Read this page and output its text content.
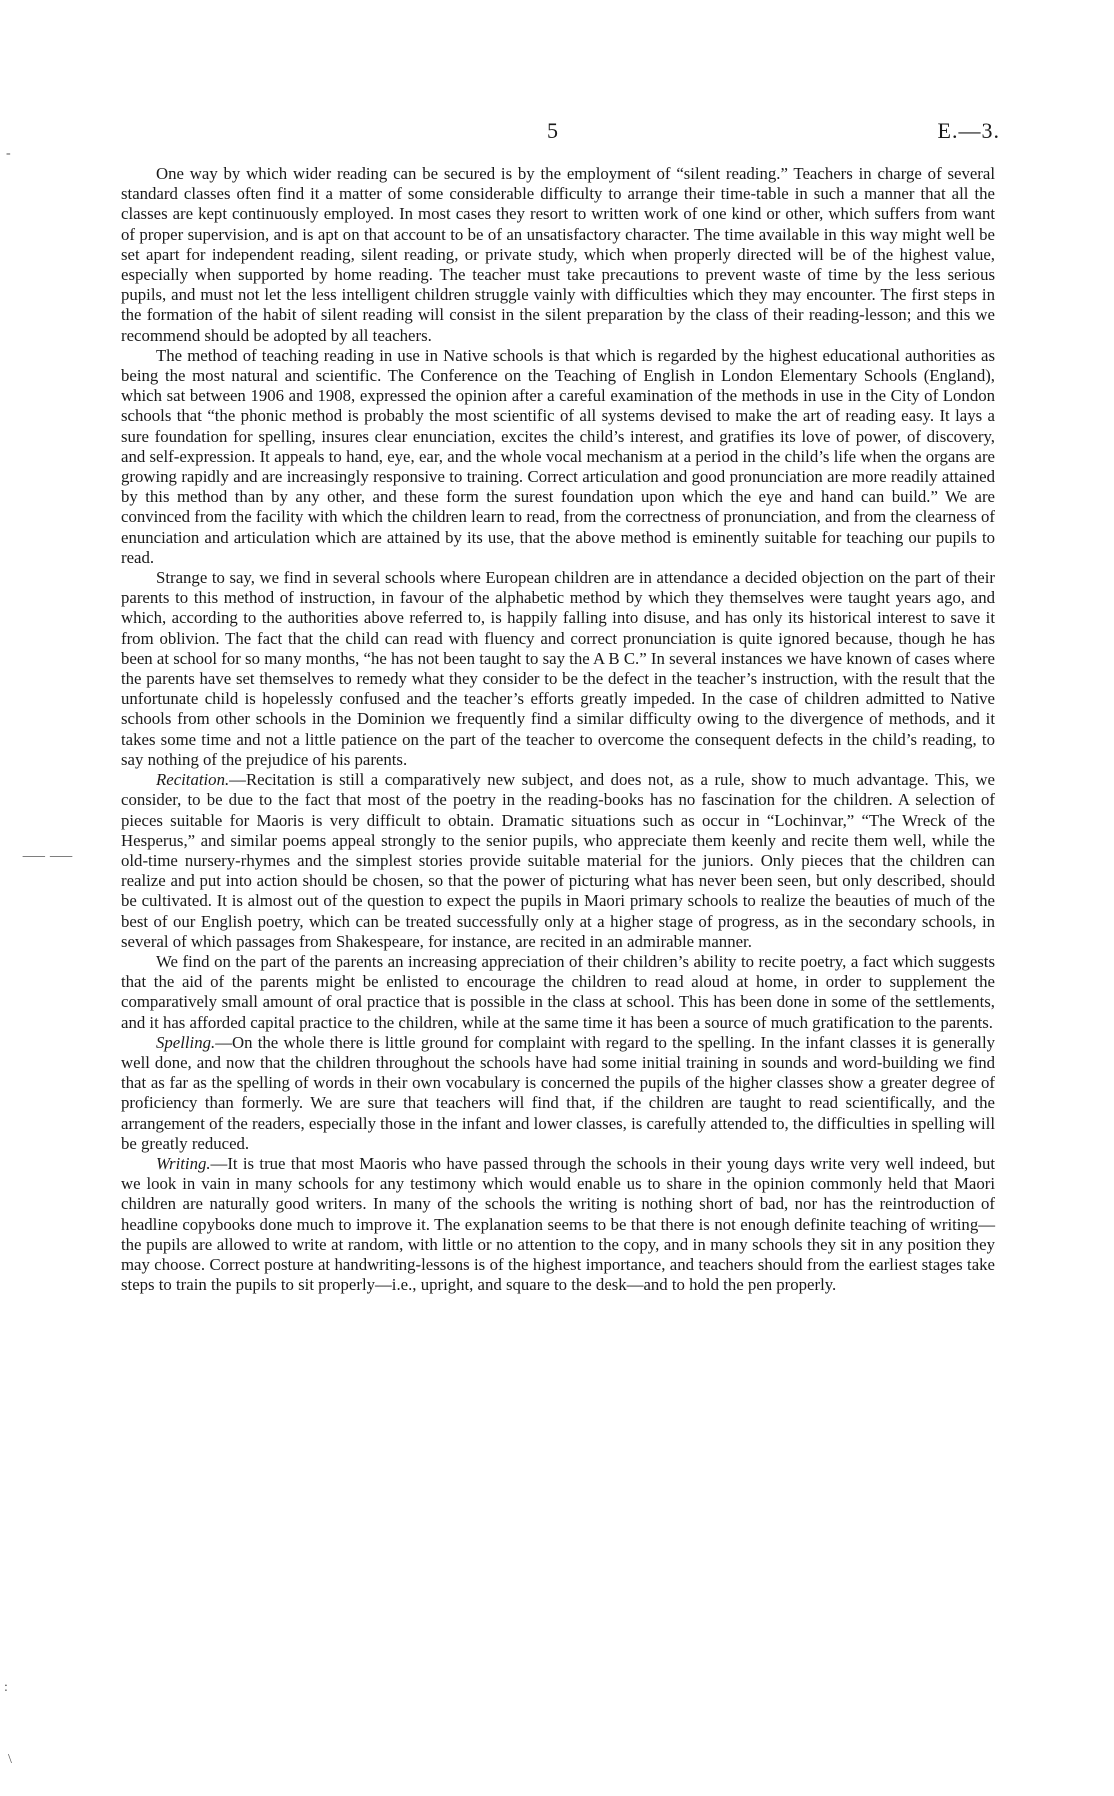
5	E.—3.
-
⸺ ⸺
:
\

One way by which wider reading can be secured is by the employment of “silent reading.” Teachers in charge of several standard classes often find it a matter of some considerable difficulty to arrange their time-table in such a manner that all the classes are kept continuously employed. In most cases they resort to written work of one kind or other, which suffers from want of proper supervision, and is apt on that account to be of an unsatisfactory character. The time available in this way might well be set apart for independent reading, silent reading, or private study, which when properly directed will be of the highest value, especially when supported by home reading. The teacher must take precautions to prevent waste of time by the less serious pupils, and must not let the less intelligent children struggle vainly with difficulties which they may encounter. The first steps in the formation of the habit of silent reading will consist in the silent preparation by the class of their reading-lesson; and this we recommend should be adopted by all teachers.

The method of teaching reading in use in Native schools is that which is regarded by the highest educational authorities as being the most natural and scientific. The Conference on the Teaching of English in London Elementary Schools (England), which sat between 1906 and 1908, expressed the opinion after a careful examination of the methods in use in the City of London schools that “the phonic method is probably the most scientific of all systems devised to make the art of reading easy. It lays a sure foundation for spelling, insures clear enunciation, excites the child’s interest, and gratifies its love of power, of discovery, and self-expression. It appeals to hand, eye, ear, and the whole vocal mechanism at a period in the child’s life when the organs are growing rapidly and are increasingly responsive to training. Correct articulation and good pronunciation are more readily attained by this method than by any other, and these form the surest foundation upon which the eye and hand can build.” We are convinced from the facility with which the children learn to read, from the correctness of pronunciation, and from the clearness of enunciation and articulation which are attained by its use, that the above method is eminently suitable for teaching our pupils to read.

Strange to say, we find in several schools where European children are in attendance a decided objection on the part of their parents to this method of instruction, in favour of the alphabetic method by which they themselves were taught years ago, and which, according to the authorities above referred to, is happily falling into disuse, and has only its historical interest to save it from oblivion. The fact that the child can read with fluency and correct pronunciation is quite ignored because, though he has been at school for so many months, “he has not been taught to say the A B C.” In several instances we have known of cases where the parents have set themselves to remedy what they consider to be the defect in the teacher’s instruction, with the result that the unfortunate child is hopelessly confused and the teacher’s efforts greatly impeded. In the case of children admitted to Native schools from other schools in the Dominion we frequently find a similar difficulty owing to the divergence of methods, and it takes some time and not a little patience on the part of the teacher to overcome the consequent defects in the child’s reading, to say nothing of the prejudice of his parents.

Recitation.—Recitation is still a comparatively new subject, and does not, as a rule, show to much advantage. This, we consider, to be due to the fact that most of the poetry in the reading-books has no fascination for the children. A selection of pieces suitable for Maoris is very difficult to obtain. Dramatic situations such as occur in “Lochinvar,” “The Wreck of the Hesperus,” and similar poems appeal strongly to the senior pupils, who appreciate them keenly and recite them well, while the old-time nursery-rhymes and the simplest stories provide suitable material for the juniors. Only pieces that the children can realize and put into action should be chosen, so that the power of picturing what has never been seen, but only described, should be cultivated. It is almost out of the question to expect the pupils in Maori primary schools to realize the beauties of much of the best of our English poetry, which can be treated successfully only at a higher stage of progress, as in the secondary schools, in several of which passages from Shakespeare, for instance, are recited in an admirable manner.

We find on the part of the parents an increasing appreciation of their children’s ability to recite poetry, a fact which suggests that the aid of the parents might be enlisted to encourage the children to read aloud at home, in order to supplement the comparatively small amount of oral practice that is possible in the class at school. This has been done in some of the settlements, and it has afforded capital practice to the children, while at the same time it has been a source of much gratification to the parents.

Spelling.—On the whole there is little ground for complaint with regard to the spelling. In the infant classes it is generally well done, and now that the children throughout the schools have had some initial training in sounds and word-building we find that as far as the spelling of words in their own vocabulary is concerned the pupils of the higher classes show a greater degree of proficiency than formerly. We are sure that teachers will find that, if the children are taught to read scientifically, and the arrangement of the readers, especially those in the infant and lower classes, is carefully attended to, the difficulties in spelling will be greatly reduced.

Writing.—It is true that most Maoris who have passed through the schools in their young days write very well indeed, but we look in vain in many schools for any testimony which would enable us to share in the opinion commonly held that Maori children are naturally good writers. In many of the schools the writing is nothing short of bad, nor has the reintroduction of headline copybooks done much to improve it. The explanation seems to be that there is not enough definite teaching of writing—the pupils are allowed to write at random, with little or no attention to the copy, and in many schools they sit in any position they may choose. Correct posture at handwriting-lessons is of the highest importance, and teachers should from the earliest stages take steps to train the pupils to sit properly—i.e., upright, and square to the desk—and to hold the pen properly.
